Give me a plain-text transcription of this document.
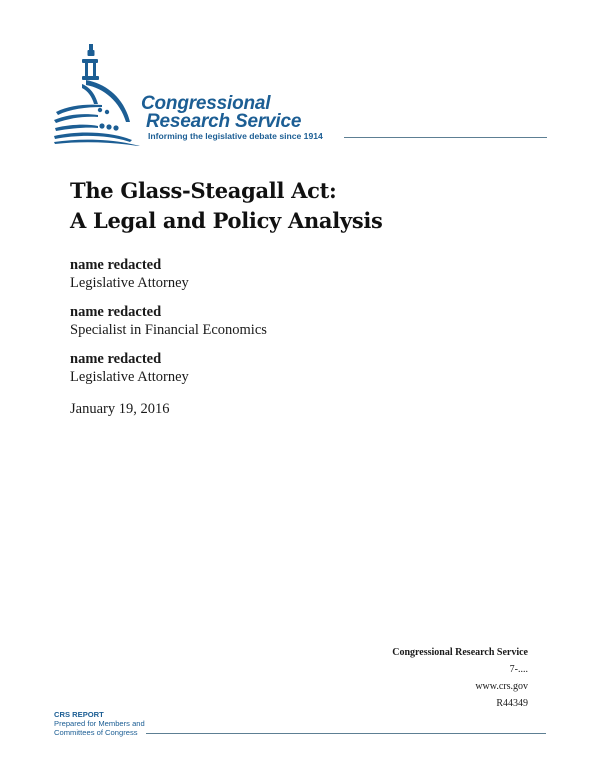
Congressional
Research Service
Informing the legislative debate since 1914
The Glass-Steagall Act:
A Legal and Policy Analysis
name redacted
Legislative Attorney
name redacted
Specialist in Financial Economics
name redacted
Legislative Attorney
January 19, 2016
Congressional Research Service
7-....
www.crs.gov
R44349
CRS REPORT
Prepared for Members and
Committees of Congress
